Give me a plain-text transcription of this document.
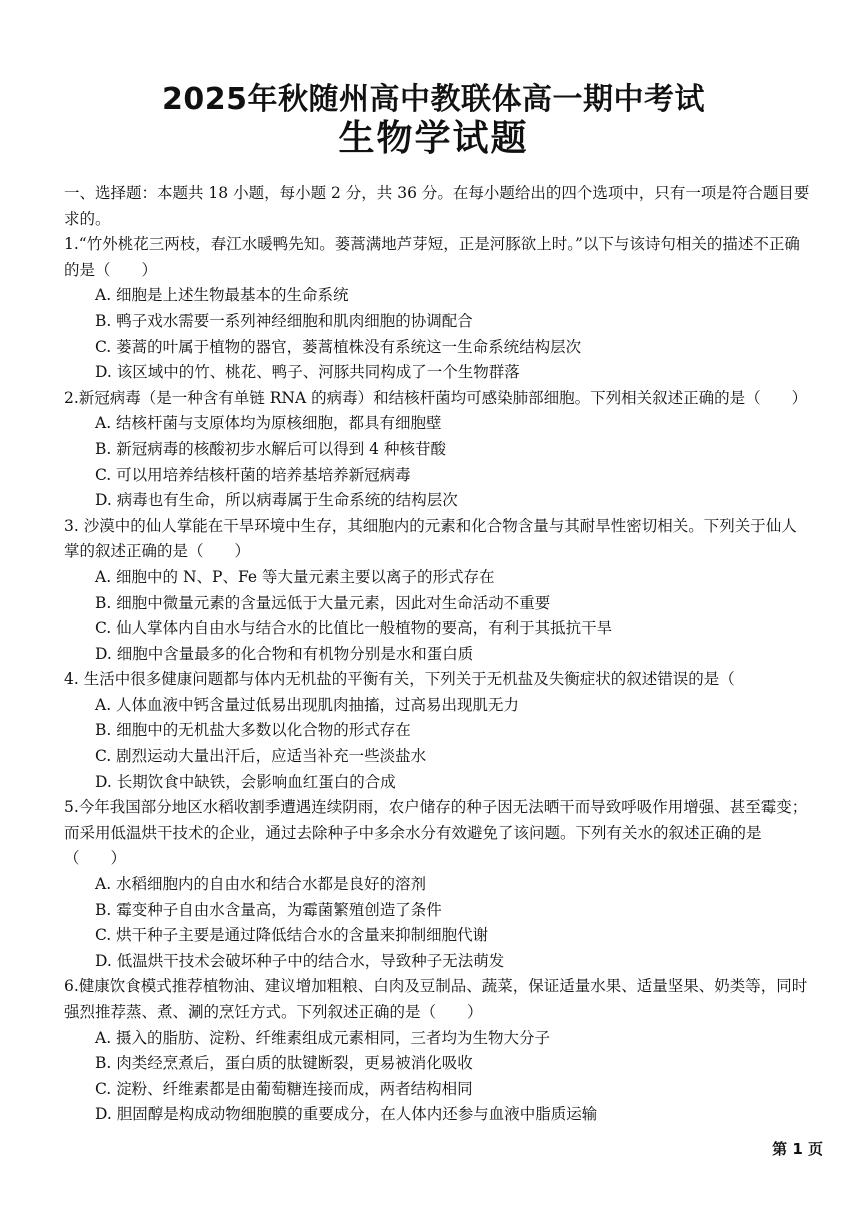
2025年秋随州高中教联体高一期中考试
生物学试题

一、选择题：本题共 18 小题，每小题 2 分，共 36 分。在每小题给出的四个选项中，只有一项是符合题目要求的。

1.“竹外桃花三两枝，春江水暖鸭先知。蒌蒿满地芦芽短，正是河豚欲上时。”以下与该诗句相关的描述不正确的是（　　）

A. 细胞是上述生物最基本的生命系统
B. 鸭子戏水需要一系列神经细胞和肌肉细胞的协调配合
C. 蒌蒿的叶属于植物的器官，蒌蒿植株没有系统这一生命系统结构层次
D. 该区域中的竹、桃花、鸭子、河豚共同构成了一个生物群落

2.新冠病毒（是一种含有单链 RNA 的病毒）和结核杆菌均可感染肺部细胞。下列相关叙述正确的是（　　）

A. 结核杆菌与支原体均为原核细胞，都具有细胞壁
B. 新冠病毒的核酸初步水解后可以得到 4 种核苷酸
C. 可以用培养结核杆菌的培养基培养新冠病毒
D. 病毒也有生命，所以病毒属于生命系统的结构层次

3. 沙漠中的仙人掌能在干旱环境中生存，其细胞内的元素和化合物含量与其耐旱性密切相关。下列关于仙人掌的叙述正确的是（　　）

A. 细胞中的 N、P、Fe 等大量元素主要以离子的形式存在
B. 细胞中微量元素的含量远低于大量元素，因此对生命活动不重要
C. 仙人掌体内自由水与结合水的比值比一般植物的要高，有利于其抵抗干旱
D. 细胞中含量最多的化合物和有机物分别是水和蛋白质

4. 生活中很多健康问题都与体内无机盐的平衡有关，下列关于无机盐及失衡症状的叙述错误的是（

A. 人体血液中钙含量过低易出现肌肉抽搐，过高易出现肌无力
B. 细胞中的无机盐大多数以化合物的形式存在
C. 剧烈运动大量出汗后，应适当补充一些淡盐水
D. 长期饮食中缺铁，会影响血红蛋白的合成

5.今年我国部分地区水稻收割季遭遇连续阴雨，农户储存的种子因无法晒干而导致呼吸作用增强、甚至霉变；而采用低温烘干技术的企业，通过去除种子中多余水分有效避免了该问题。下列有关水的叙述正确的是（　　）

A. 水稻细胞内的自由水和结合水都是良好的溶剂
B. 霉变种子自由水含量高，为霉菌繁殖创造了条件
C. 烘干种子主要是通过降低结合水的含量来抑制细胞代谢
D. 低温烘干技术会破坏种子中的结合水，导致种子无法萌发

6.健康饮食模式推荐植物油、建议增加粗粮、白肉及豆制品、蔬菜，保证适量水果、适量坚果、奶类等，同时强烈推荐蒸、煮、涮的烹饪方式。下列叙述正确的是（　　）

A. 摄入的脂肪、淀粉、纤维素组成元素相同，三者均为生物大分子
B. 肉类经烹煮后，蛋白质的肽键断裂，更易被消化吸收
C. 淀粉、纤维素都是由葡萄糖连接而成，两者结构相同
D. 胆固醇是构成动物细胞膜的重要成分，在人体内还参与血液中脂质运输
第 1 页
